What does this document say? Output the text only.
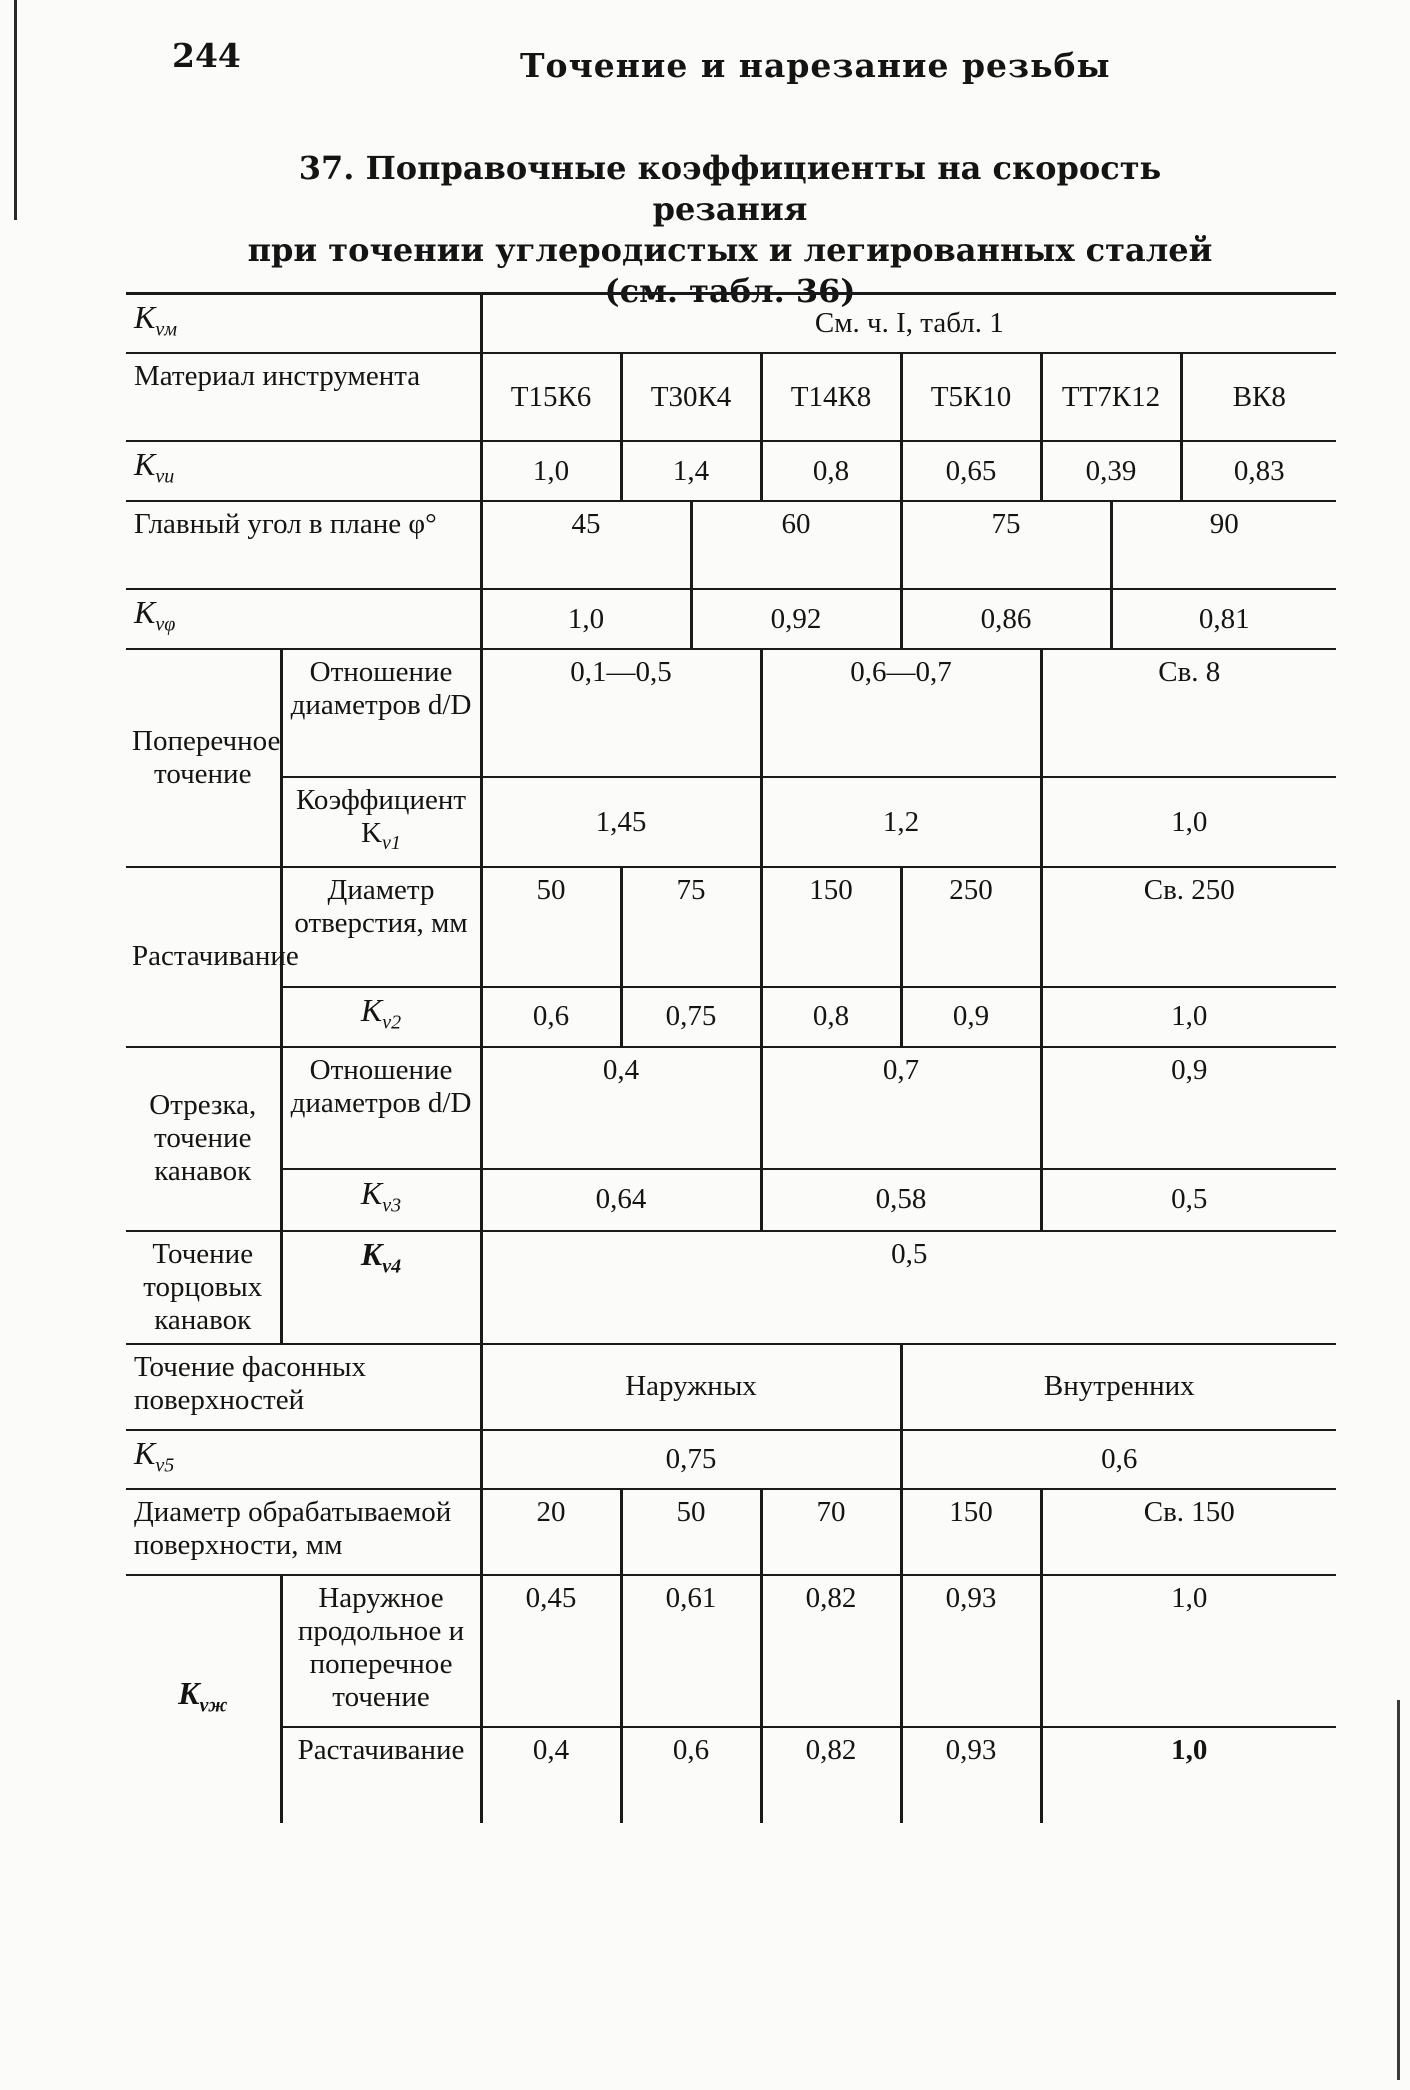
244	Точение и нарезание резьбы
37. Поправочные коэффициенты на скорость резания
при точении углеродистых и легированных сталей
(см. табл. 36)
$K_{vм}$		См. ч. I, табл. 1							
Материал инструмента		Т15К6	Т30К4		Т14К8	Т5К10	ТТ7К12		ВК8
$K_{vи}$		1,0	1,4		0,8	0,65	0,39		0,83
Главный угол в плане φ°		45		60		75		90	
$K_{v\varphi}$		1,0		0,92		0,86		0,81	
Поперечное точение	Отношение диаметров d/D	0,1—0,5			0,6—0,7		Св. 8		
	Коэффициент $K_{v1}$	1,45			1,2		1,0		
Растачивание	Диаметр отверстия, мм	50	75		150	250	Св. 250		
	$K_{v2}$	0,6	0,75		0,8	0,9	1,0		
Отрезка, точение канавок	Отношение диаметров d/D	0,4			0,7		0,9		
	$K_{v3}$	0,64			0,58		0,5		
Точение торцовых канавок	$K_{v4}$	0,5							
Точение фасонных поверхностей		Наружных				Внутренних			
$K_{v5}$		0,75				0,6			
Диаметр обрабатываемой поверхности, мм		20	50		70	150	Св. 150		
$K_{vж}$	Наружное продольное и поперечное точение	0,45	0,61		0,82	0,93	1,0		
	Растачивание	0,4	0,6		0,82	0,93	1,0		
